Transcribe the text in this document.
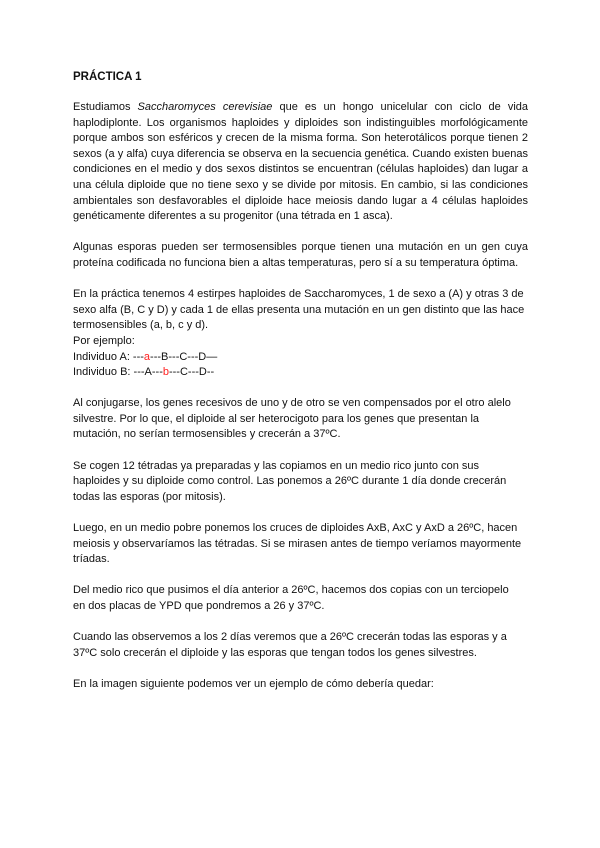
PRÁCTICA 1

Estudiamos Saccharomyces cerevisiae que es un hongo unicelular con ciclo de vida haplodiplonte. Los organismos haploides y diploides son indistinguibles morfológicamente porque ambos son esféricos y crecen de la misma forma. Son heterotálicos porque tienen 2 sexos (a y alfa) cuya diferencia se observa en la secuencia genética. Cuando existen buenas condiciones en el medio y dos sexos distintos se encuentran (células haploides) dan lugar a una célula diploide que no tiene sexo y se divide por mitosis. En cambio, si las condiciones ambientales son desfavorables el diploide hace meiosis dando lugar a 4 células haploides genéticamente diferentes a su progenitor (una tétrada en 1 asca).

Algunas esporas pueden ser termosensibles porque tienen una mutación en un gen cuya proteína codificada no funciona bien a altas temperaturas, pero sí a su temperatura óptima.

En la práctica tenemos 4 estirpes haploides de Saccharomyces, 1 de sexo a (A) y otras 3 de sexo alfa (B, C y D) y cada 1 de ellas presenta una mutación en un gen distinto que las hace termosensibles (a, b, c y d).
Por ejemplo:
Individuo A: ---a---B---C---D—
Individuo B: ---A---b---C---D--
Al conjugarse, los genes recesivos de uno y de otro se ven compensados por el otro alelo
silvestre. Por lo que, el diploide al ser heterocigoto para los genes que presentan la
mutación, no serían termosensibles y crecerán a 37ºC.
Se cogen 12 tétradas ya preparadas y las copiamos en un medio rico junto con sus
haploides y su diploide como control. Las ponemos a 26ºC durante 1 día donde crecerán
todas las esporas (por mitosis).
Luego, en un medio pobre ponemos los cruces de diploides AxB, AxC y AxD a 26ºC, hacen
meiosis y observaríamos las tétradas. Si se mirasen antes de tiempo veríamos mayormente
tríadas.
Del medio rico que pusimos el día anterior a 26ºC, hacemos dos copias con un terciopelo
en dos placas de YPD que pondremos a 26 y 37ºC.
Cuando las observemos a los 2 días veremos que a 26ºC crecerán todas las esporas y a
37ºC solo crecerán el diploide y las esporas que tengan todos los genes silvestres.

En la imagen siguiente podemos ver un ejemplo de cómo debería quedar:
